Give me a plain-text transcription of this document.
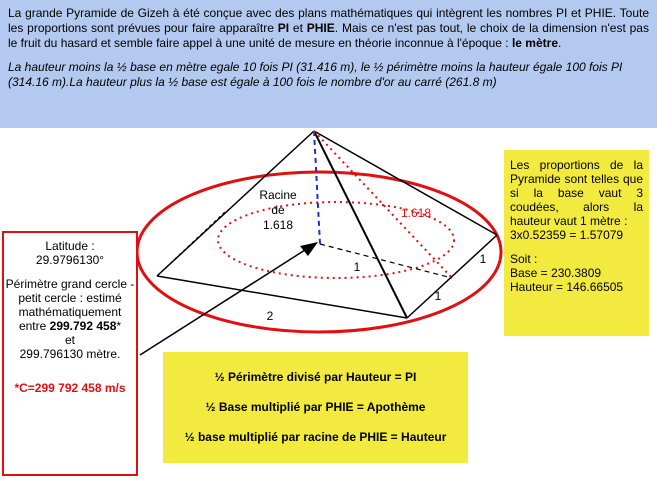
La grande Pyramide de Gizeh à été conçue avec des plans mathématiques qui intègrent les nombres PI et PHIE. Toute les proportions sont prévues pour faire apparaître PI et PHIE. Mais ce n'est pas tout, le choix de la dimension n'est pas le fruit du hasard et semble faire appel à une unité de mesure en théorie inconnue à l'époque : le mètre.

La hauteur moins la ½ base en mètre egale 10 fois PI (31.416 m), le ½ périmètre moins la hauteur égale 100 fois PI (314.16 m).La hauteur plus la ½ base est égale à 100 fois le nombre d'or au carré (261.8 m)

Racine
de
1.618
1.618
1
1
1
2
Latitude :
29.9796130°
Périmètre grand cercle - petit cercle : estimé mathématiquement entre 299.792 458*
et
299.796130 mètre.
*C=299 792 458 m/s
Les proportions de la Pyramide sont telles que si la base vaut 3 coudées, alors la hauteur vaut 1 mètre :
3x0.52359 = 1.57079
Soit :
Base = 230.3809
Hauteur = 146.66505
½ Périmètre divisé par Hauteur = PI
½ Base multiplié par PHIE = Apothème
½ base multiplié par racine de PHIE = Hauteur
